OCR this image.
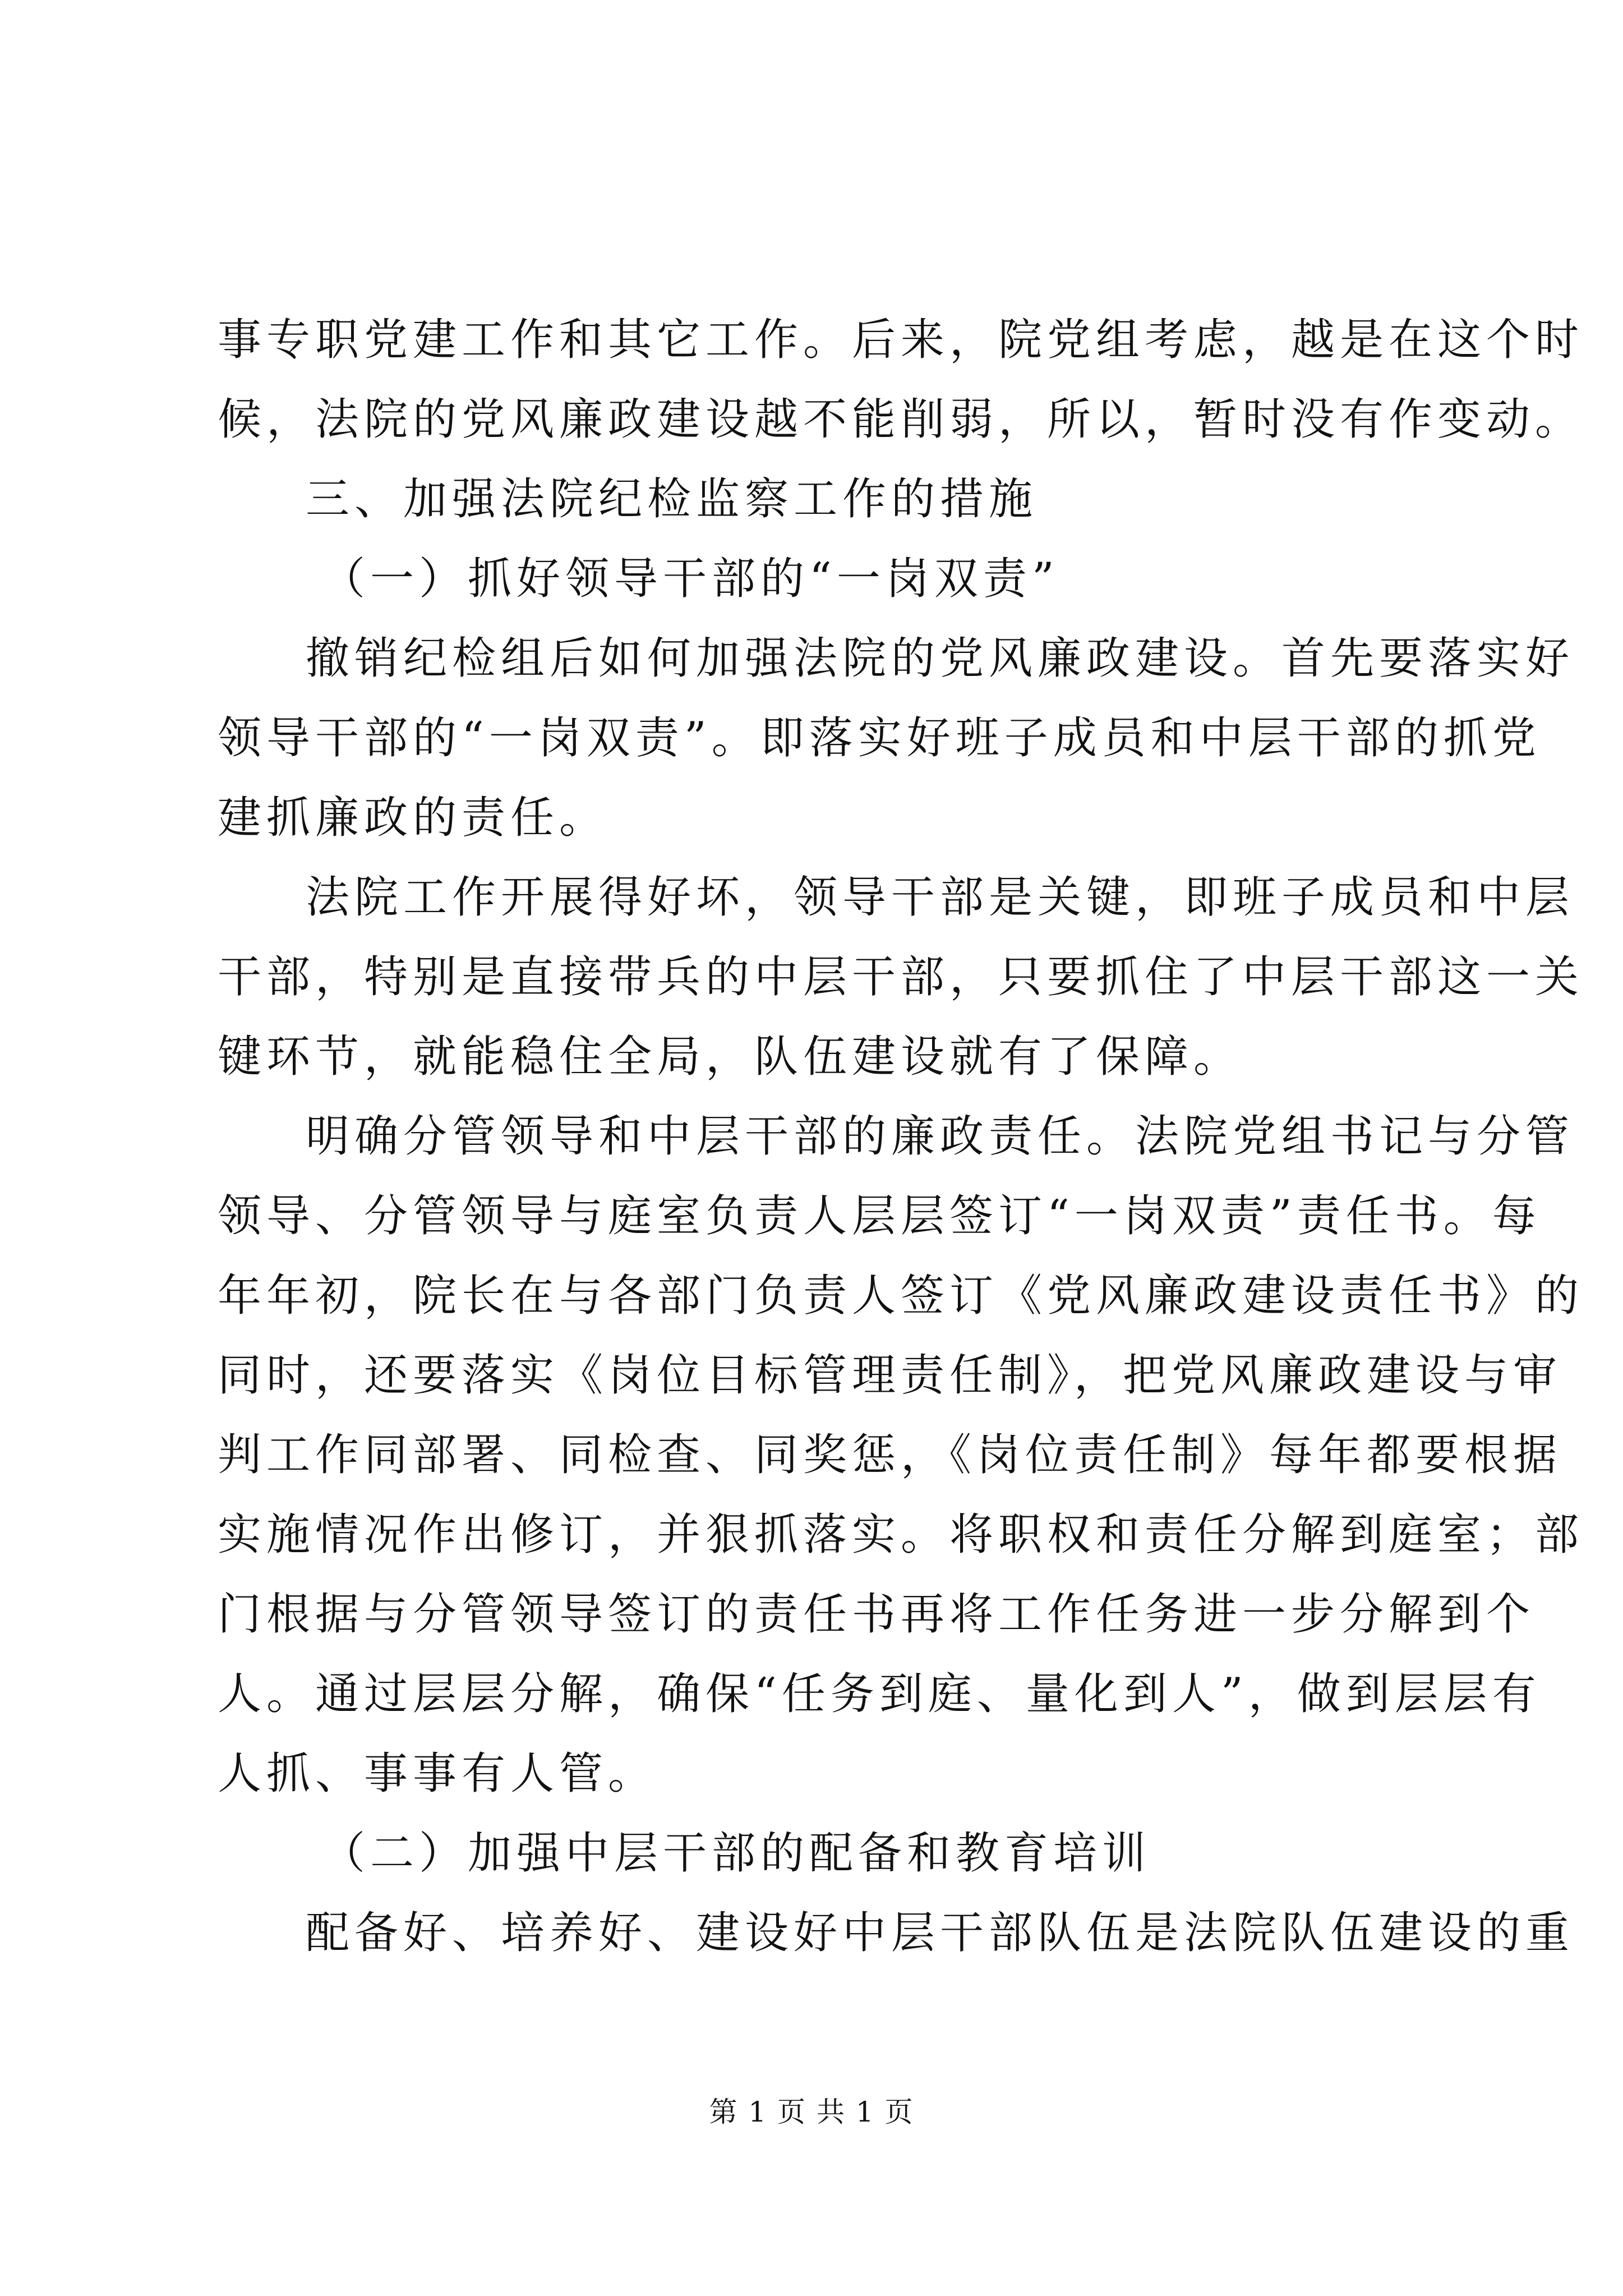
事专职党建工作和其它工作。后来，院党组考虑，越是在这个时
候，法院的党风廉政建设越不能削弱，所以，暂时没有作变动。
三、加强法院纪检监察工作的措施
（一）抓好领导干部的“一岗双责”
撤销纪检组后如何加强法院的党风廉政建设。首先要落实好
领导干部的“一岗双责”。即落实好班子成员和中层干部的抓党
建抓廉政的责任。
法院工作开展得好坏，领导干部是关键，即班子成员和中层
干部，特别是直接带兵的中层干部，只要抓住了中层干部这一关
键环节，就能稳住全局，队伍建设就有了保障。
明确分管领导和中层干部的廉政责任。法院党组书记与分管
领导、分管领导与庭室负责人层层签订“一岗双责”责任书。每
年年初，院长在与各部门负责人签订《党风廉政建设责任书》的
同时，还要落实《岗位目标管理责任制》，把党风廉政建设与审
判工作同部署、同检查、同奖惩，《岗位责任制》每年都要根据
实施情况作出修订，并狠抓落实。将职权和责任分解到庭室；部
门根据与分管领导签订的责任书再将工作任务进一步分解到个
人。通过层层分解，确保“任务到庭、量化到人”，做到层层有
人抓、事事有人管。
（二）加强中层干部的配备和教育培训
配备好、培养好、建设好中层干部队伍是法院队伍建设的重
第 1 页 共 1 页
